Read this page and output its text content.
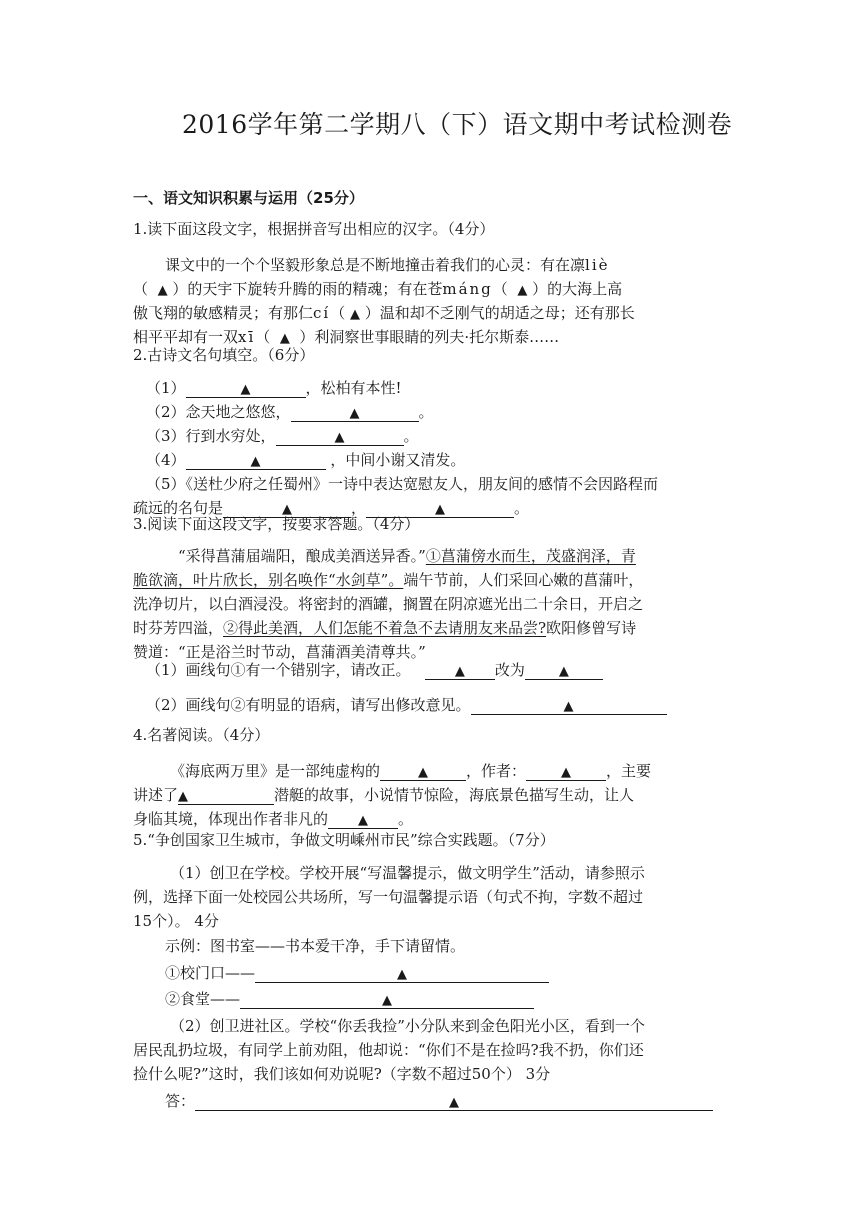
2016学年第二学期八（下）语文期中考试检测卷
一、语文知识积累与运用（25分）
1.读下面这段文字，根据拼音写出相应的汉字。（4分）
课文中的一个个坚毅形象总是不断地撞击着我们的心灵：有在凛liè
（ ▲ ）的天宇下旋转升腾的雨的精魂；有在苍máng（ ▲ ）的大海上高
傲飞翔的敏感精灵；有那仁cí（ ▲ ）温和却不乏刚气的胡适之母；还有那长
相平平却有一双xī（ ▲ ）利洞察世事眼睛的列夫·托尔斯泰……
2.古诗文名句填空。（6分）
（1）	▲	，松柏有本性!
（2）念天地之悠悠，	▲	。
（3）行到水穷处，	▲	。
（4）	▲	，中间小谢又清发。
（5）《送杜少府之任蜀州》一诗中表达宽慰友人，朋友间的感情不会因路程而
疏远的名句是	▲	，	▲	。
3.阅读下面这段文字，按要求答题。（4分）
“采得菖蒲届端阳，酿成美酒送异香。”①菖蒲傍水而生，茂盛润泽，青
脆欲滴，叶片欣长，别名唤作“水剑草”。端午节前，人们采回心嫩的菖蒲叶，
洗净切片，以白酒浸没。将密封的酒罐，搁置在阴凉遮光出二十余日，开启之
时芬芳四溢，②得此美酒，人们怎能不着急不去请朋友来品尝?欧阳修曾写诗
赞道：“正是浴兰时节动，菖蒲酒美清尊共。”
（1）画线句①有一个错别字，请改正。	▲ 改为	▲
（2）画线句②有明显的语病，请写出修改意见。	▲
4.名著阅读。（4分）
《海底两万里》是一部纯虚构的	▲	，作者：	▲ ，主要
讲述了▲	潜艇的故事，小说情节惊险，海底景色描写生动，让人
身临其境，体现出作者非凡的 ▲ 。
5.“争创国家卫生城市，争做文明嵊州市民”综合实践题。（7分）
（1）创卫在学校。学校开展“写温馨提示，做文明学生”活动，请参照示
例，选择下面一处校园公共场所，写一句温馨提示语（句式不拘，字数不超过
15个）。 4分
示例：图书室——书本爱干净，手下请留情。
①校门口——	▲
②食堂——	▲
（2）创卫进社区。学校“你丢我捡”小分队来到金色阳光小区，看到一个
居民乱扔垃圾，有同学上前劝阻，他却说：“你们不是在捡吗?我不扔，你们还
捡什么呢?”这时，我们该如何劝说呢?（字数不超过50个） 3分
答：	▲
